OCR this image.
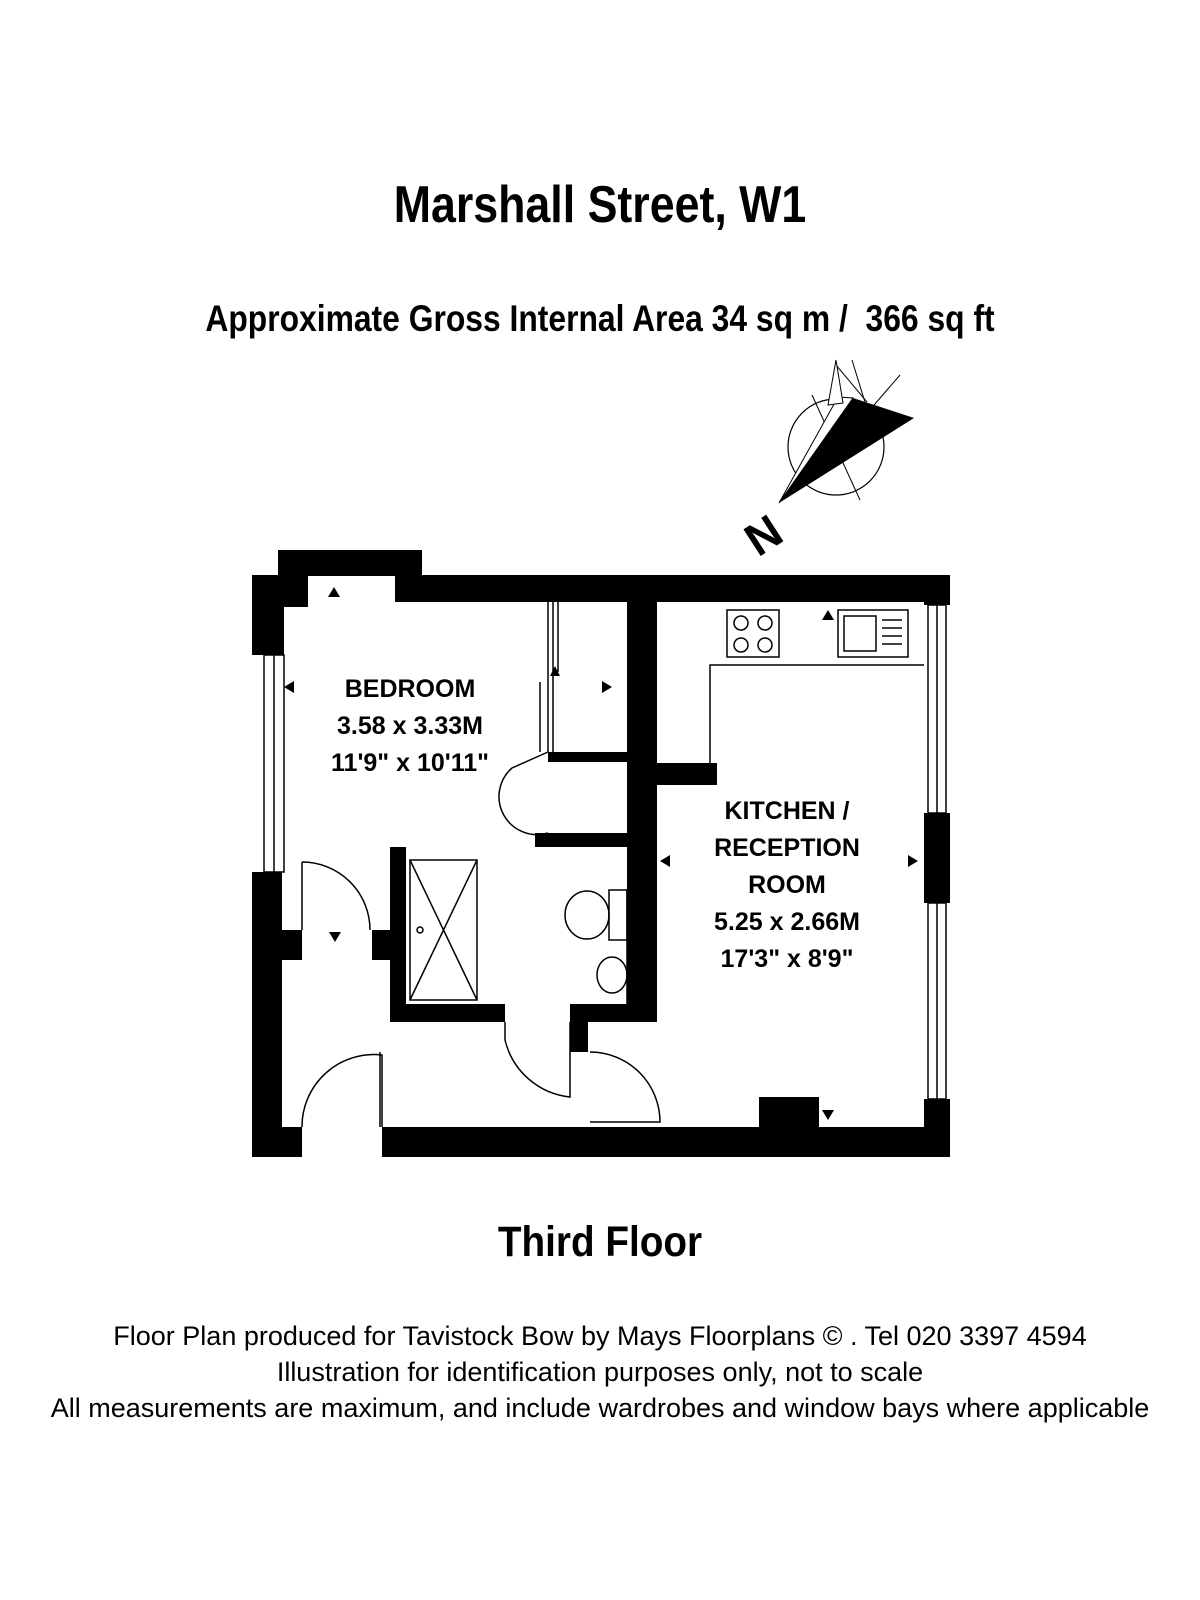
Marshall Street, W1
Approximate Gross Internal Area 34 sq m /  366 sq ft
N
BEDROOM
3.58 x 3.33M
11'9" x 10'11"
KITCHEN /
RECEPTION
ROOM
5.25 x 2.66M
17'3" x 8'9"
Third Floor
Floor Plan produced for Tavistock Bow by Mays Floorplans © . Tel 020 3397 4594
Illustration for identification purposes only, not to scale
All measurements are maximum, and include wardrobes and window bays where applicable
